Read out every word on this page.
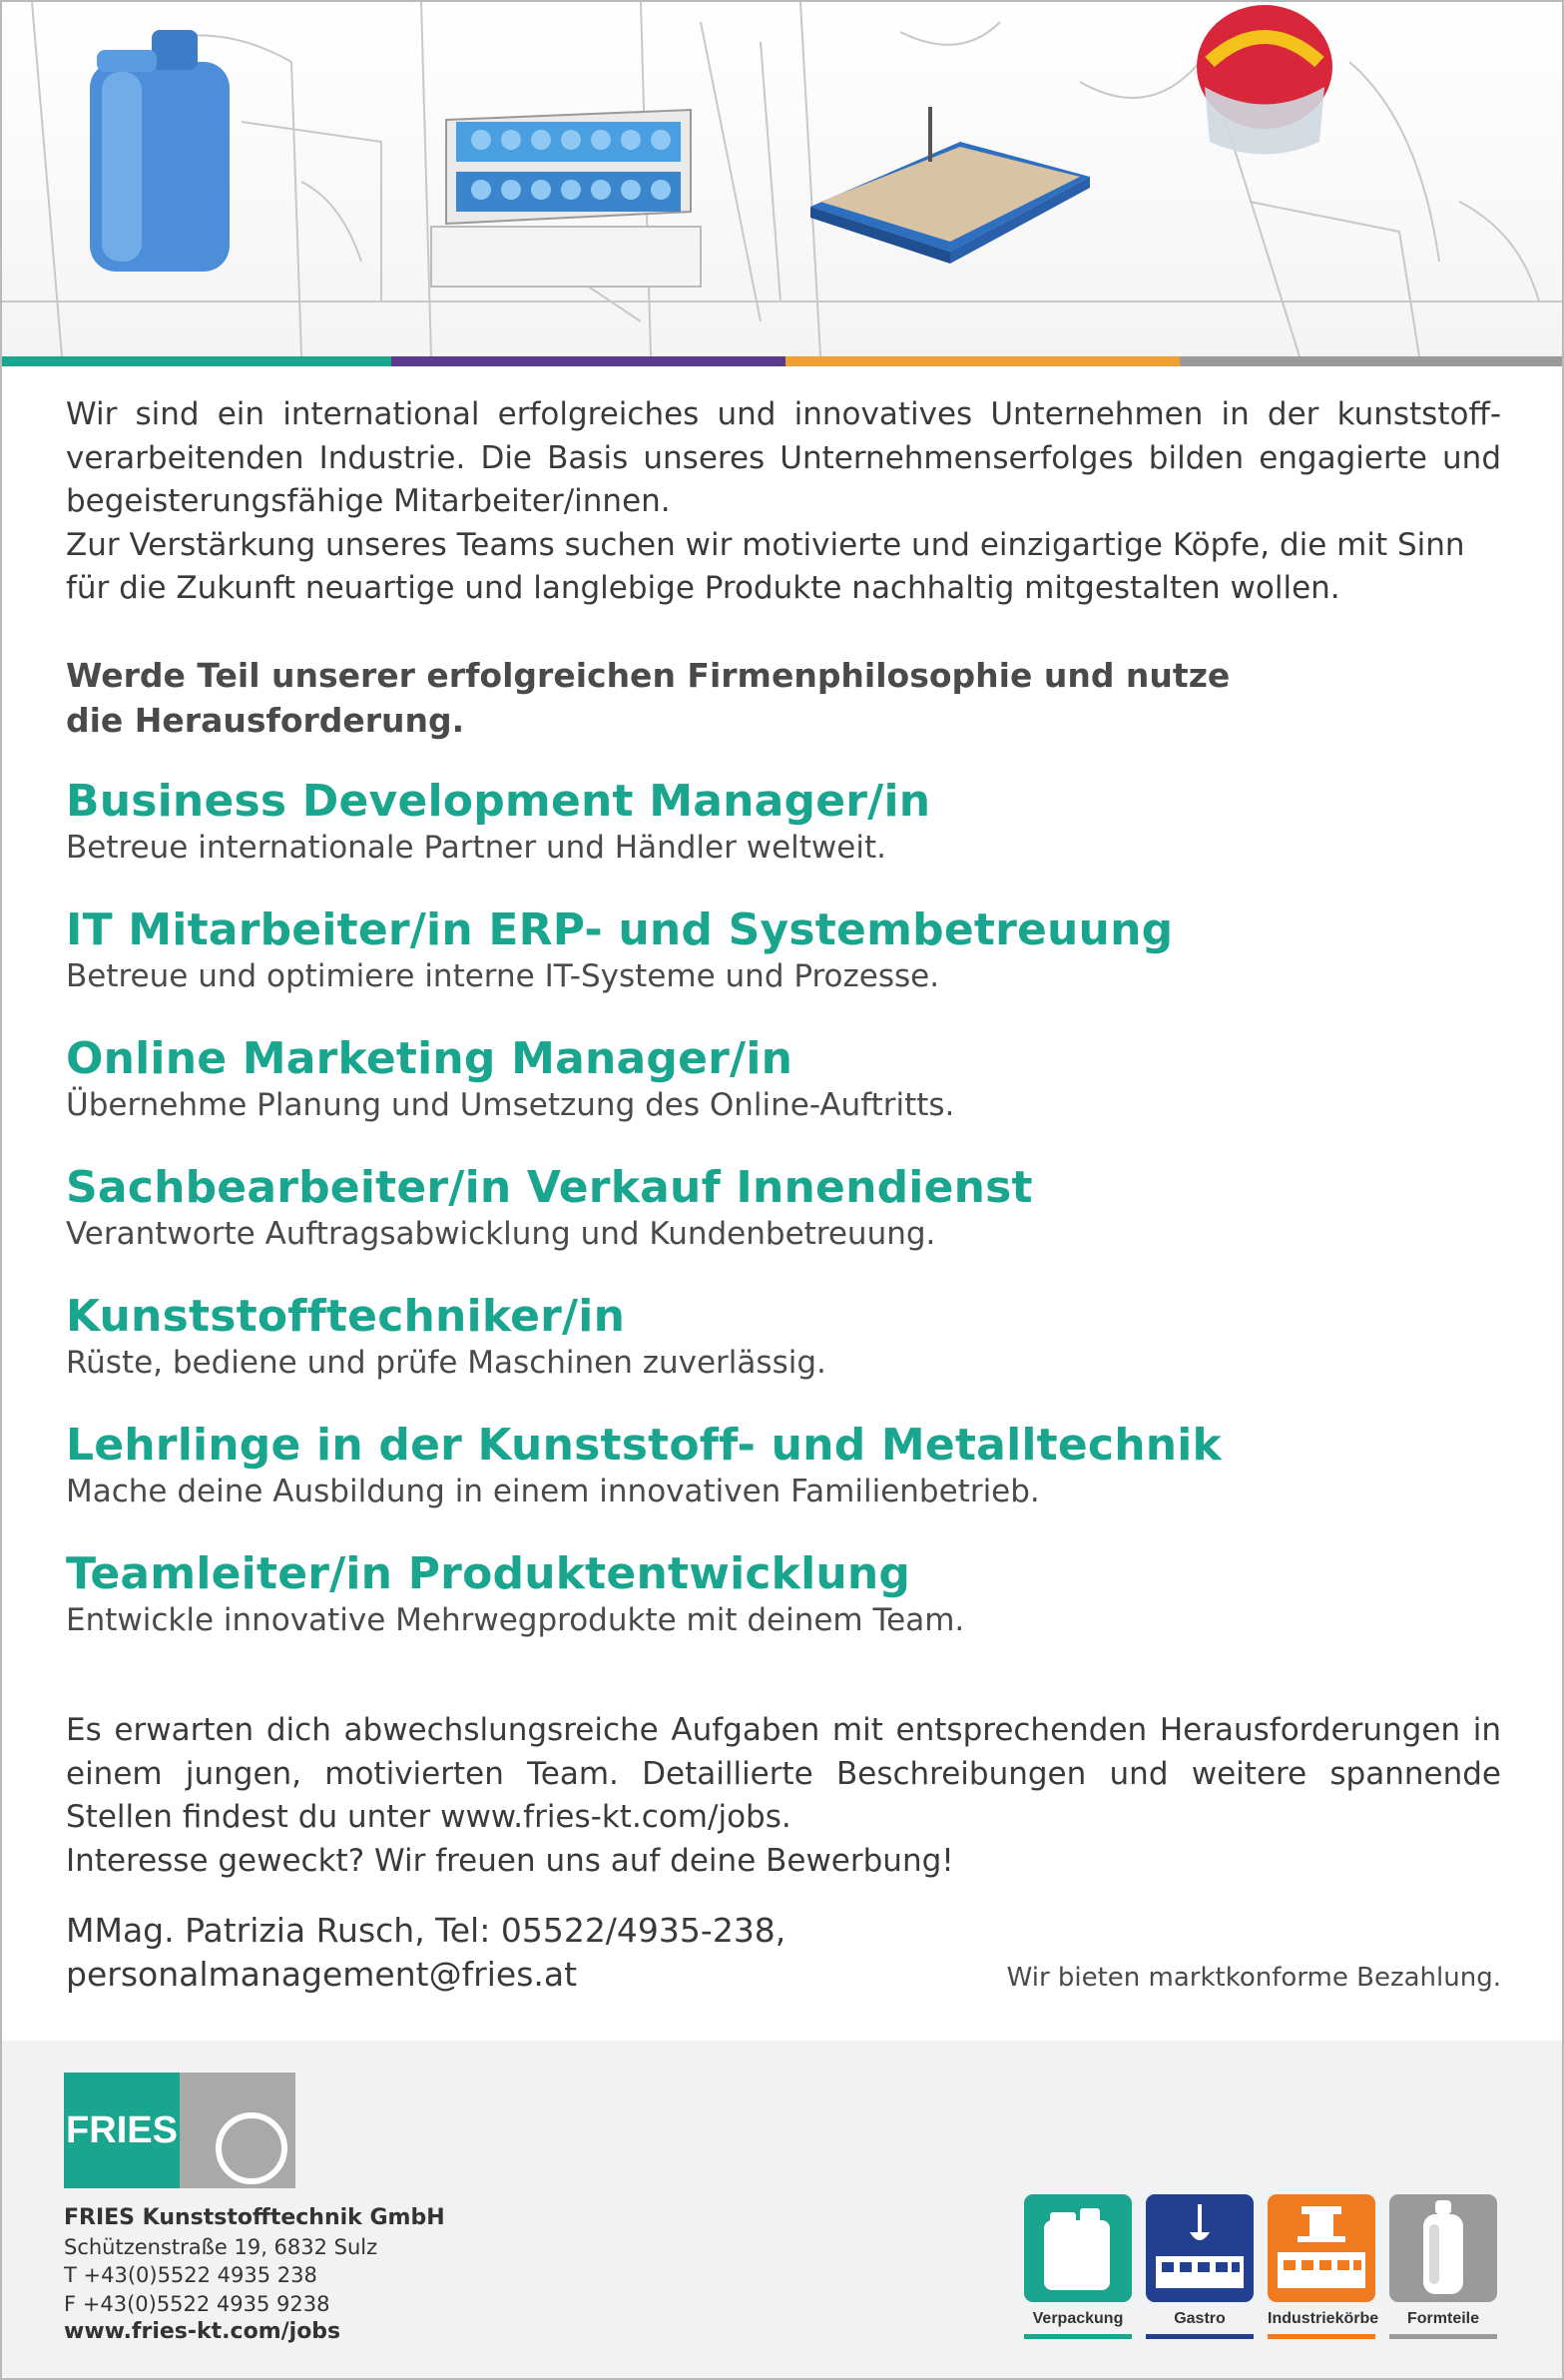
Wir sind ein international erfolgreiches und innovatives Unternehmen in der kunststoffverarbeitenden Industrie. Die Basis unseres Unternehmenserfolges bilden engagierte und begeisterungsfähige Mitarbeiter/innen.

Zur Verstärkung unseres Teams suchen wir motivierte und einzigartige Köpfe, die mit Sinn für die Zukunft neuartige und langlebige Produkte nachhaltig mitgestalten wollen.

Werde Teil unserer erfolgreichen Firmenphilosophie und nutze
die Herausforderung.
Business Development Manager/in
Betreue internationale Partner und Händler weltweit.
IT Mitarbeiter/in ERP- und Systembetreuung
Betreue und optimiere interne IT-Systeme und Prozesse.
Online Marketing Manager/in
Übernehme Planung und Umsetzung des Online-Auftritts.
Sachbearbeiter/in Verkauf Innendienst
Verantworte Auftragsabwicklung und Kundenbetreuung.
Kunststofftechniker/in
Rüste, bediene und prüfe Maschinen zuverlässig.
Lehrlinge in der Kunststoff- und Metalltechnik
Mache deine Ausbildung in einem innovativen Familienbetrieb.
Teamleiter/in Produktentwicklung
Entwickle innovative Mehrwegprodukte mit deinem Team.

Es erwarten dich abwechslungsreiche Aufgaben mit entsprechenden Herausforderungen in einem jungen, motivierten Team. Detaillierte Beschreibungen und weitere spannende Stellen findest du unter www.fries-kt.com/jobs.

Interesse geweckt? Wir freuen uns auf deine Bewerbung!

MMag. Patrizia Rusch, Tel: 05522/4935-238,
personalmanagement@fries.at	Wir bieten marktkonforme Bezahlung.
FRIES
FRIES Kunststofftechnik GmbH
Schützenstraße 19, 6832 Sulz
T +43(0)5522 4935 238
F +43(0)5522 4935 9238
www.fries-kt.com/jobs
Verpackung	Gastro	Industriekörbe	Formteile
